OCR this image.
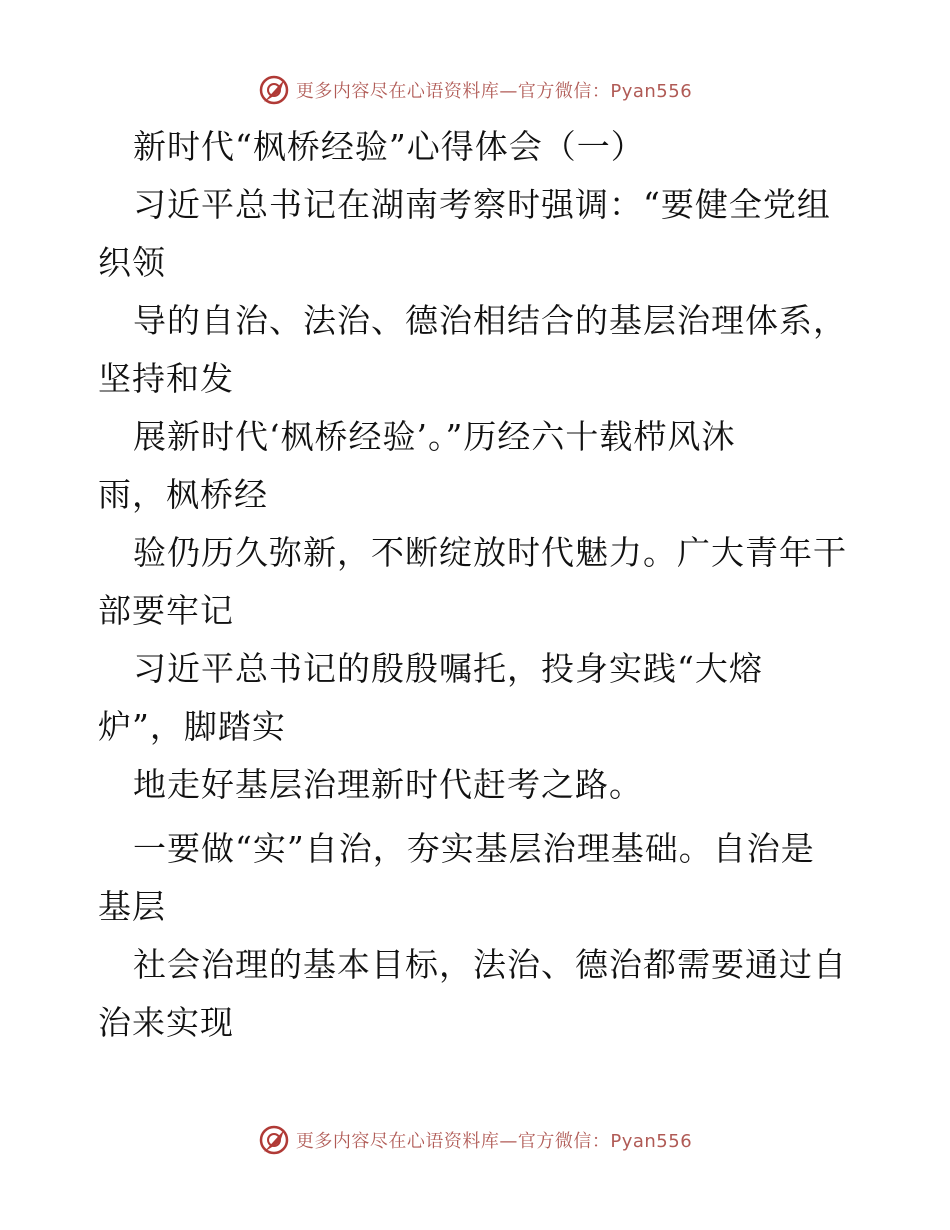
更多内容尽在心语资料库—官方微信：Pyan556
新时代“枫桥经验”心得体会（一）
习近平总书记在湖南考察时强调：“要健全党组
织领
导的自治、法治、德治相结合的基层治理体系，
坚持和发
展新时代‘枫桥经验’。”历经六十载栉风沐
雨，枫桥经
验仍历久弥新，不断绽放时代魅力。广大青年干
部要牢记
习近平总书记的殷殷嘱托，投身实践“大熔
炉”，脚踏实
地走好基层治理新时代赶考之路。
一要做“实”自治，夯实基层治理基础。自治是
基层
社会治理的基本目标，法治、德治都需要通过自
治来实现
更多内容尽在心语资料库—官方微信：Pyan556
